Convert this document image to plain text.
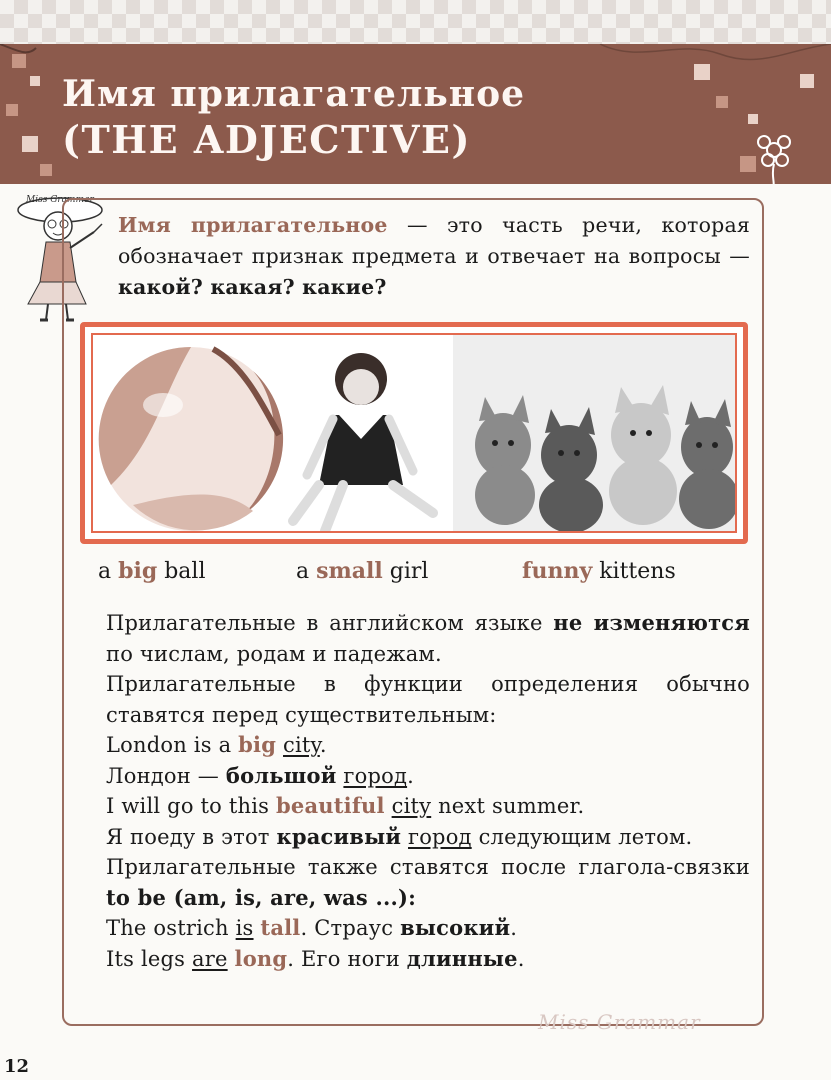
Имя прилагательное
(THE ADJECTIVE)
Miss Grammar
Имя прилагательное — это часть речи, которая обозначает признак предмета и отвечает на вопросы — какой? какая? какие?
a big ball	a small girl	funny kittens

Прилагательные в английском языке не изменяются по числам, родам и падежам.

Прилагательные в функции определения обычно ставятся перед существительным:

London is a big city.

Лондон — большой город.

I will go to this beautiful city next summer.

Я поеду в этот красивый город следующим летом.

Прилагательные также ставятся после глагола-связки to be (am, is, are, was ...):

The ostrich is tall. Страус высокий.

Its legs are long. Его ноги длинные.

Miss Grammar
12
